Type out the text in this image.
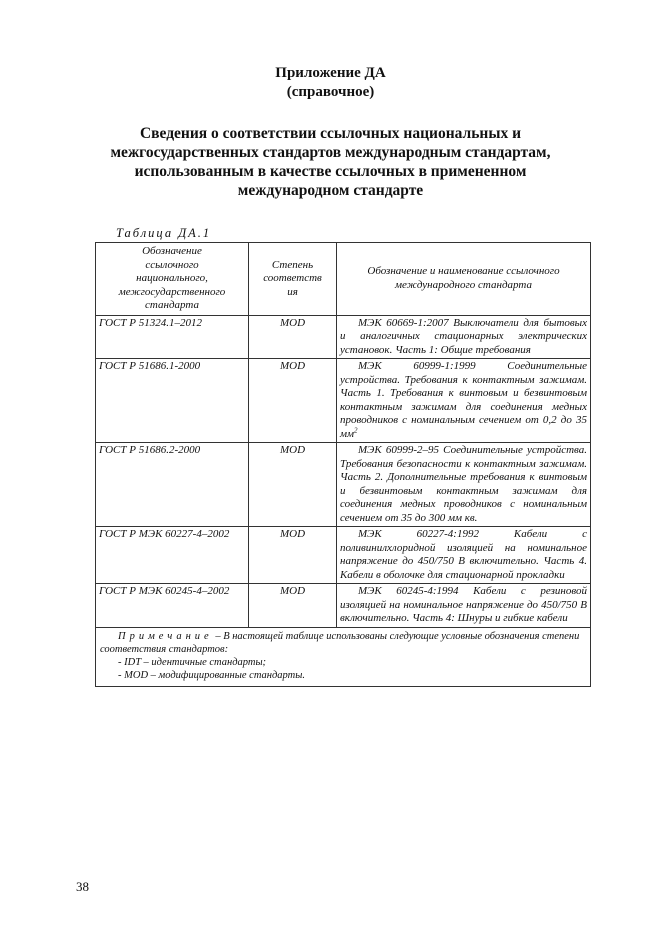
Приложение ДА
(справочное)
Сведения о соответствии ссылочных национальных и
межгосударственных стандартов международным стандартам,
использованным в качестве ссылочных в примененном
международном стандарте
Таблица ДА.1
Обозначение
ссылочного
национального,
межгосударственного
стандарта	Степень
соответств
ия	Обозначение и наименование ссылочного
международного стандарта
ГОСТ Р 51324.1–2012	MOD	МЭК 60669-1:2007 Выключатели для бытовых и аналогичных стационарных электрических установок. Часть 1: Общие требования

ГОСТ Р 51686.1-2000	MOD	МЭК 60999-1:1999 Соединительные устройства. Требования к контактным зажимам. Часть 1. Требования к винтовым и безвинтовым контактным зажимам для соединения медных проводников с номинальным сечением от 0,2 до 35 $мм^2$

ГОСТ Р 51686.2-2000	MOD	МЭК 60999-2–95 Соединительные устройства. Требования безопасности к контактным зажимам. Часть 2. Дополнительные требования к винтовым и безвинтовым контактным зажимам для соединения медных проводников с номинальным сечением от 35 до 300 мм кв.

ГОСТ Р МЭК 60227-4–2002	MOD	МЭК 60227-4:1992 Кабели с поливинилхлоридной изоляцией на номинальное напряжение до 450/750 В включительно. Часть 4. Кабели в оболочке для стационарной прокладки

ГОСТ Р МЭК 60245-4–2002	MOD	МЭК 60245-4:1994 Кабели с резиновой изоляцией на номинальное напряжение до 450/750 В включительно. Часть 4: Шнуры и гибкие кабели

Примечание – В настоящей таблице использованы следующие условные обозначения степени соответствия стандартов:
- IDT – идентичные стандарты;
- MOD – модифицированные стандарты.		
38
